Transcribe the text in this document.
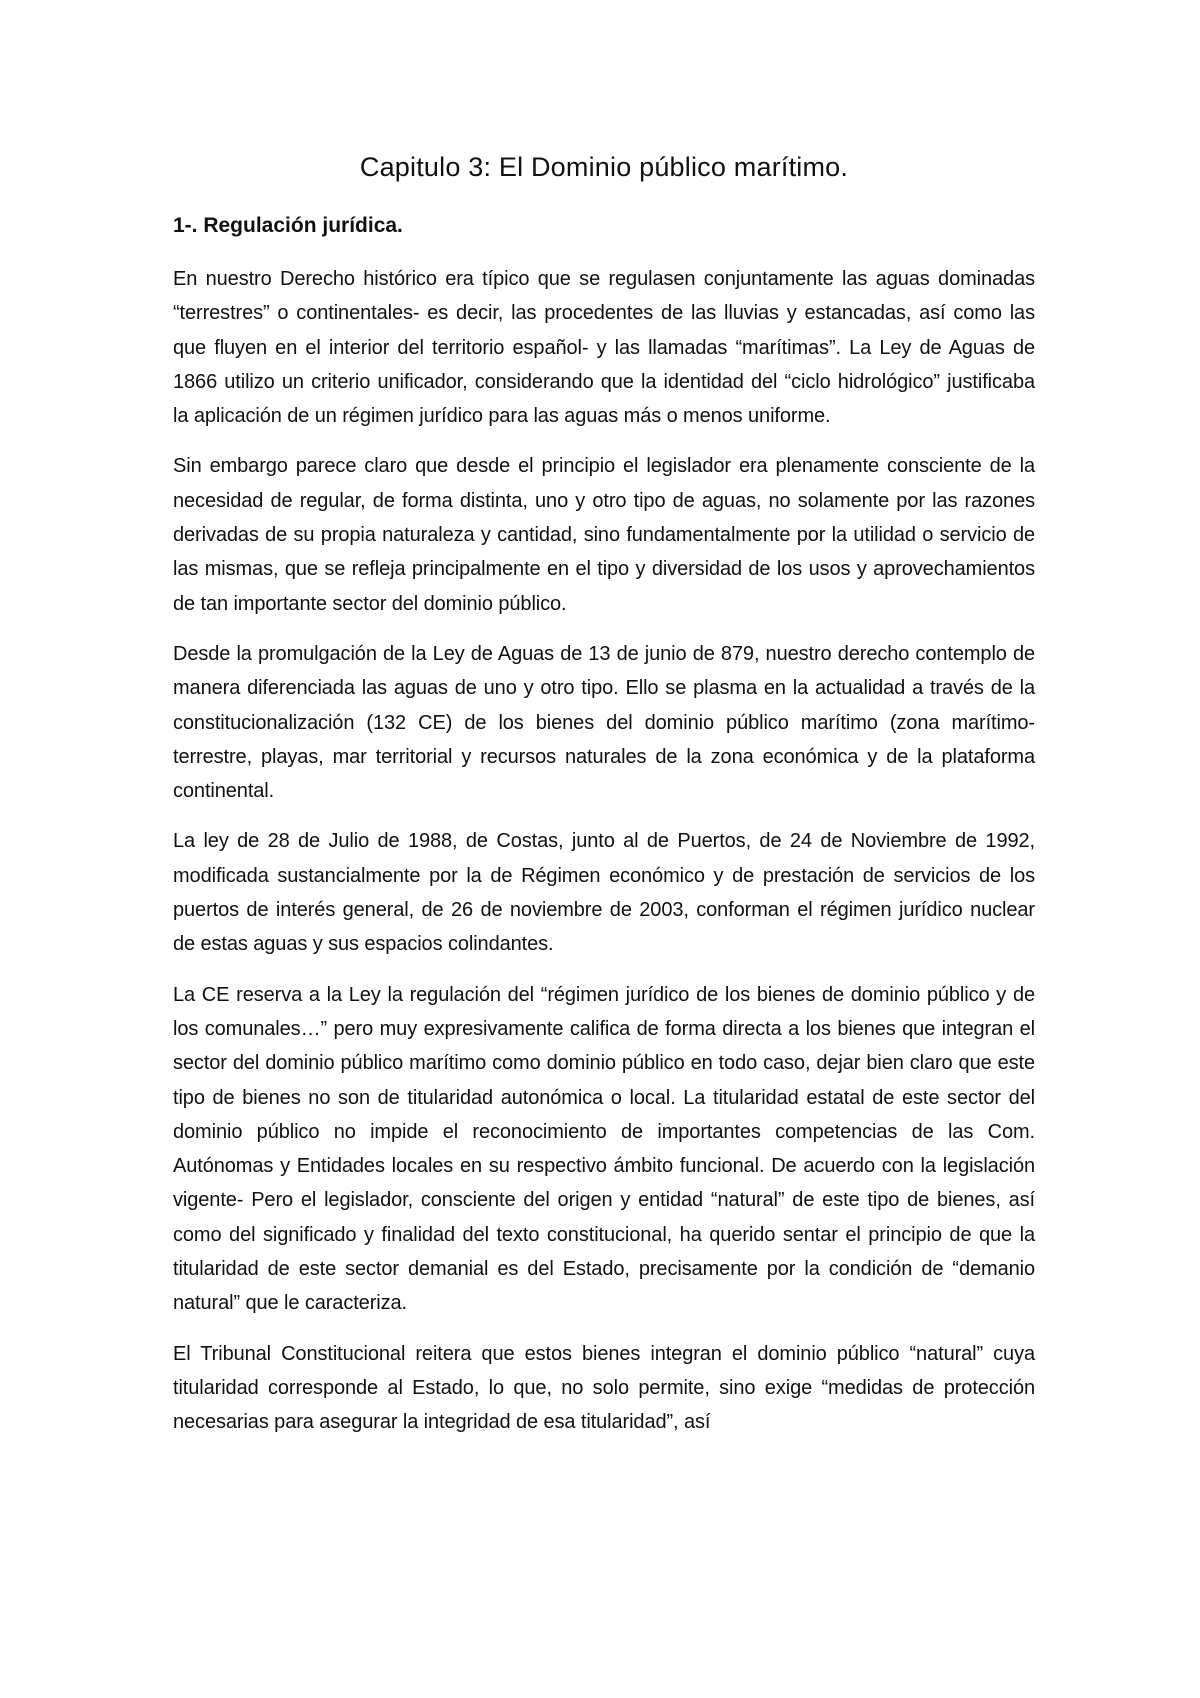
Capitulo 3: El Dominio público marítimo.
1-. Regulación jurídica.

En nuestro Derecho histórico era típico que se regulasen conjuntamente las aguas dominadas “terrestres” o continentales- es decir, las procedentes de las lluvias y estancadas, así como las que fluyen en el interior del territorio español- y las llamadas “marítimas”. La Ley de Aguas de 1866 utilizo un criterio unificador, considerando que la identidad del “ciclo hidrológico” justificaba la aplicación de un régimen jurídico para las aguas más o menos uniforme.

Sin embargo parece claro que desde el principio el legislador era plenamente consciente de la necesidad de regular, de forma distinta, uno y otro tipo de aguas, no solamente por las razones derivadas de su propia naturaleza y cantidad, sino fundamentalmente por la utilidad o servicio de las mismas, que se refleja principalmente en el tipo y diversidad de los usos y aprovechamientos de tan importante sector del dominio público.

Desde la promulgación de la Ley de Aguas de 13 de junio de 879, nuestro derecho contemplo de manera diferenciada las aguas de uno y otro tipo. Ello se plasma en la actualidad a través de la constitucionalización (132 CE) de los bienes del dominio público marítimo (zona marítimo-terrestre, playas, mar territorial y recursos naturales de la zona económica y de la plataforma continental.

La ley de 28 de Julio de 1988, de Costas, junto al de Puertos, de 24 de Noviembre de 1992, modificada sustancialmente por la de Régimen económico y de prestación de servicios de los puertos de interés general, de 26 de noviembre de 2003, conforman el régimen jurídico nuclear de estas aguas y sus espacios colindantes.

La CE reserva a la Ley la regulación del “régimen jurídico de los bienes de dominio público y de los comunales…” pero muy expresivamente califica de forma directa a los bienes que integran el sector del dominio público marítimo como dominio público en todo caso, dejar bien claro que este tipo de bienes no son de titularidad autonómica o local. La titularidad estatal de este sector del dominio público no impide el reconocimiento de importantes competencias de las Com. Autónomas y Entidades locales en su respectivo ámbito funcional. De acuerdo con la legislación vigente- Pero el legislador, consciente del origen y entidad “natural” de este tipo de bienes, así como del significado y finalidad del texto constitucional, ha querido sentar el principio de que la titularidad de este sector demanial es del Estado, precisamente por la condición de “demanio natural” que le caracteriza.

El Tribunal Constitucional reitera que estos bienes integran el dominio público “natural” cuya titularidad corresponde al Estado, lo que, no solo permite, sino exige “medidas de protección necesarias para asegurar la integridad de esa titularidad”, así
